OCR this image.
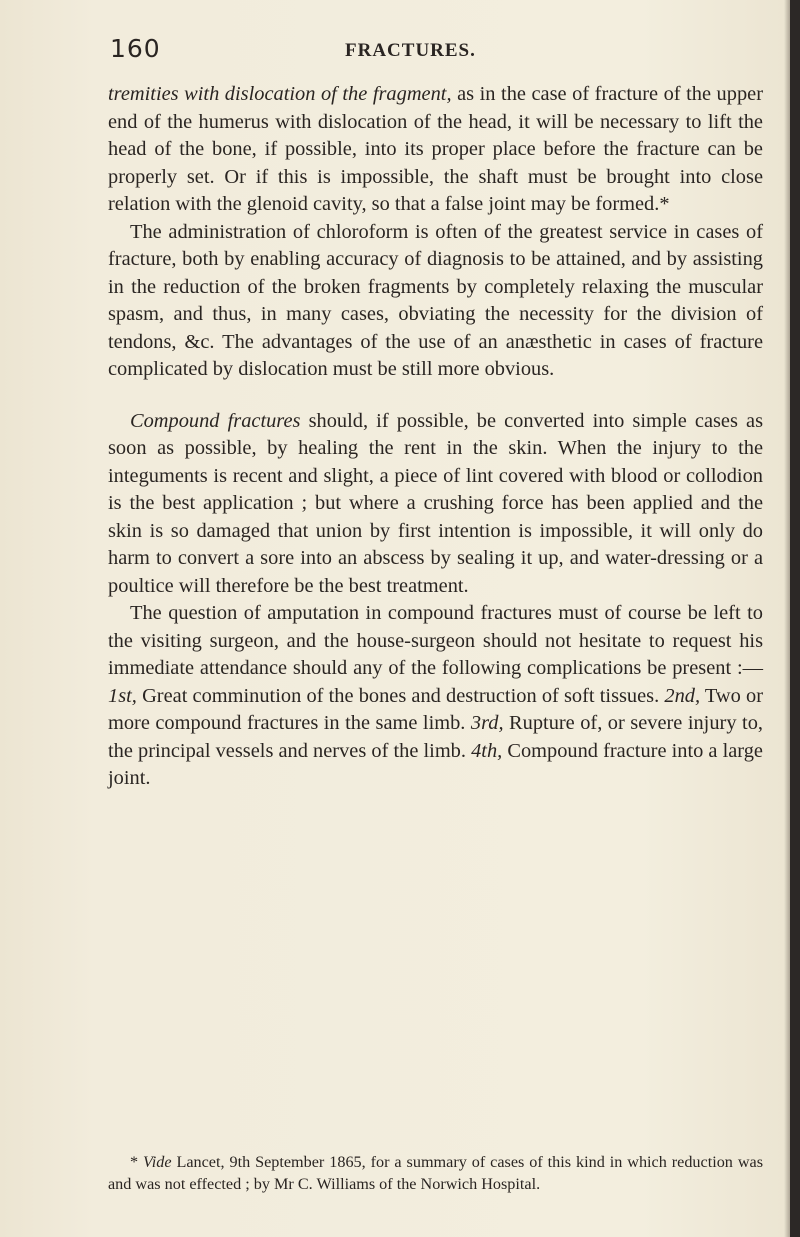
160	FRACTURES.

tremities with dislocation of the fragment, as in the case of fracture of the upper end of the humerus with dislocation of the head, it will be necessary to lift the head of the bone, if possible, into its proper place before the fracture can be properly set. Or if this is impossible, the shaft must be brought into close relation with the glenoid cavity, so that a false joint may be formed.*

The administration of chloroform is often of the greatest service in cases of fracture, both by enabling accuracy of diagnosis to be attained, and by assisting in the reduction of the broken fragments by completely relaxing the muscular spasm, and thus, in many cases, obviating the necessity for the division of tendons, &c. The advantages of the use of an anæsthetic in cases of fracture complicated by dislocation must be still more obvious.

Compound fractures should, if possible, be converted into simple cases as soon as possible, by healing the rent in the skin. When the injury to the integuments is recent and slight, a piece of lint covered with blood or collodion is the best application ; but where a crushing force has been applied and the skin is so damaged that union by first intention is impossible, it will only do harm to convert a sore into an abscess by sealing it up, and water-dressing or a poultice will therefore be the best treatment.

The question of amputation in compound fractures must of course be left to the visiting surgeon, and the house-surgeon should not hesitate to request his immediate attendance should any of the following complications be present :—1st, Great comminution of the bones and destruction of soft tissues. 2nd, Two or more compound fractures in the same limb. 3rd, Rupture of, or severe injury to, the principal vessels and nerves of the limb. 4th, Compound fracture into a large joint.

* Vide Lancet, 9th September 1865, for a summary of cases of this kind in which reduction was and was not effected ; by Mr C. Williams of the Norwich Hospital.
